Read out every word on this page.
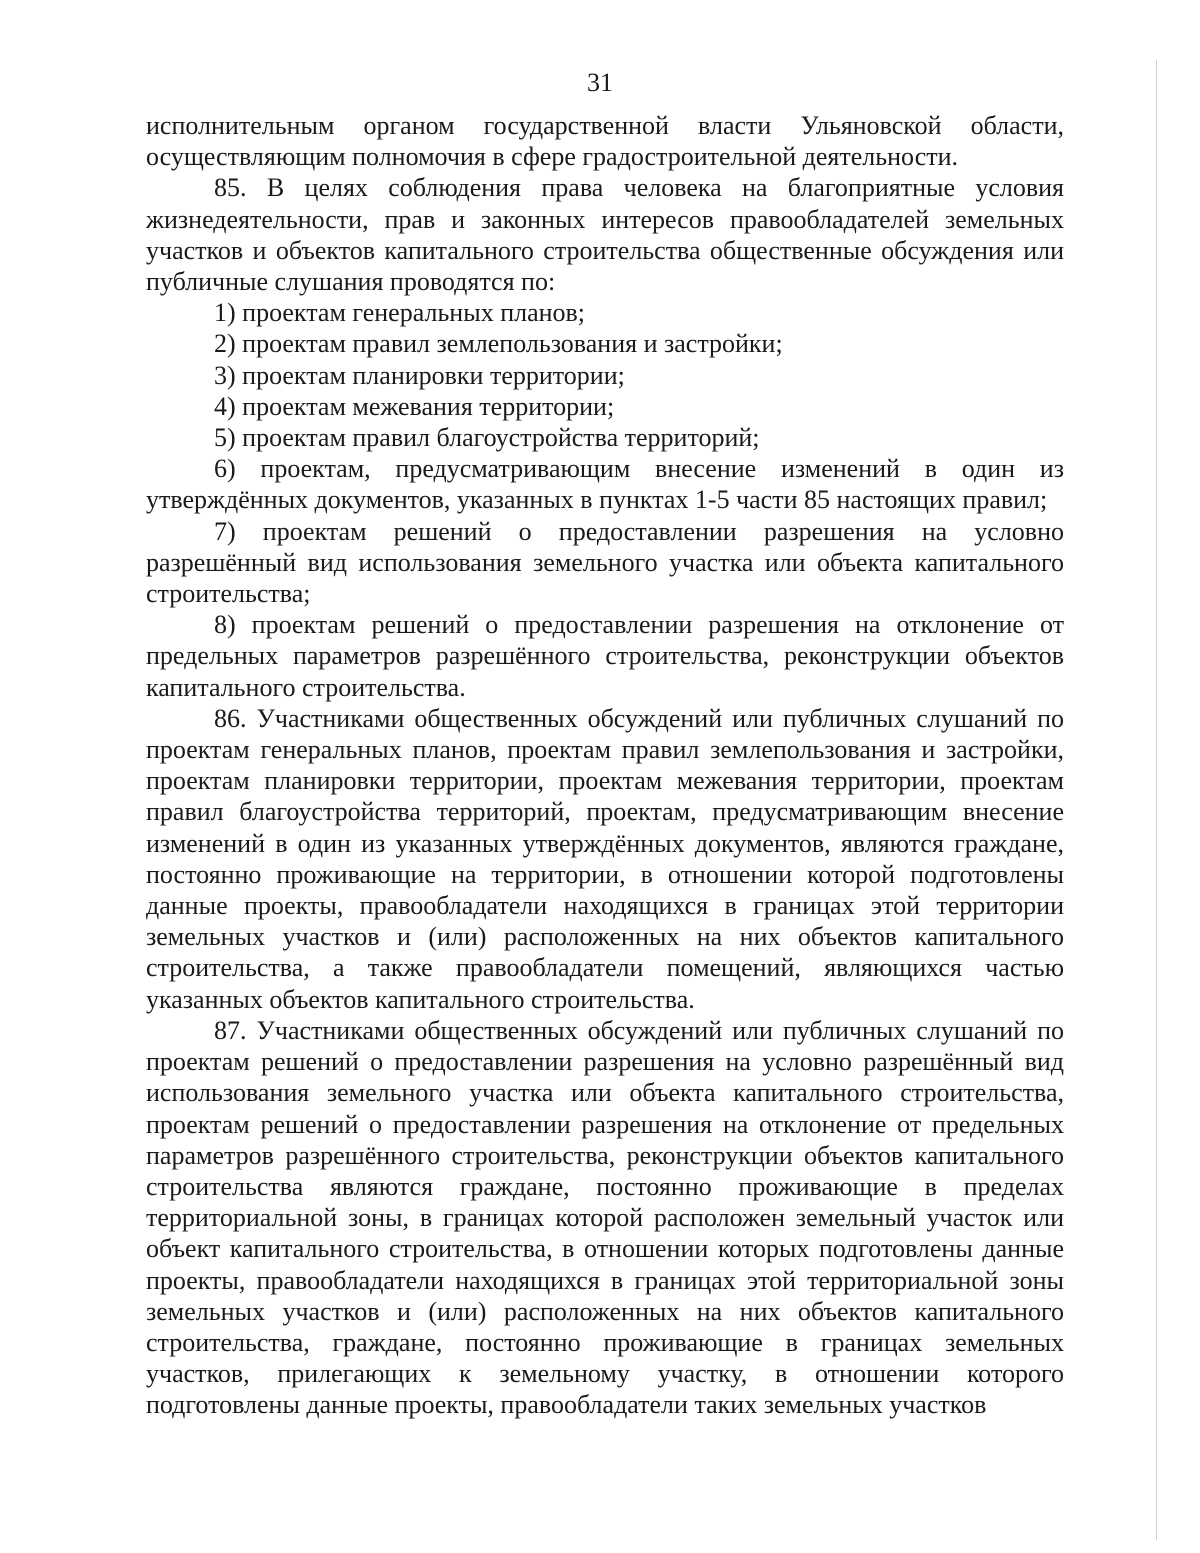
31

исполнительным органом государственной власти Ульяновской области, осуществляющим полномочия в сфере градостроительной деятельности.

85. В целях соблюдения права человека на благоприятные условия жизнедеятельности, прав и законных интересов правообладателей земельных участков и объектов капитального строительства общественные обсуждения или публичные слушания проводятся по:

1) проектам генеральных планов;

2) проектам правил землепользования и застройки;

3) проектам планировки территории;

4) проектам межевания территории;

5) проектам правил благоустройства территорий;

6) проектам, предусматривающим внесение изменений в один из утверждённых документов, указанных в пунктах 1-5 части 85 настоящих правил;

7) проектам решений о предоставлении разрешения на условно разрешённый вид использования земельного участка или объекта капитального строительства;

8) проектам решений о предоставлении разрешения на отклонение от предельных параметров разрешённого строительства, реконструкции объектов капитального строительства.

86. Участниками общественных обсуждений или публичных слушаний по проектам генеральных планов, проектам правил землепользования и застройки, проектам планировки территории, проектам межевания территории, проектам правил благоустройства территорий, проектам, предусматривающим внесение изменений в один из указанных утверждённых документов, являются граждане, постоянно проживающие на территории, в отношении которой подготовлены данные проекты, правообладатели находящихся в границах этой территории земельных участков и (или) расположенных на них объектов капитального строительства, а также правообладатели помещений, являющихся частью указанных объектов капитального строительства.

87. Участниками общественных обсуждений или публичных слушаний по проектам решений о предоставлении разрешения на условно разрешённый вид использования земельного участка или объекта капитального строительства, проектам решений о предоставлении разрешения на отклонение от предельных параметров разрешённого строительства, реконструкции объектов капитального строительства являются граждане, постоянно проживающие в пределах территориальной зоны, в границах которой расположен земельный участок или объект капитального строительства, в отношении которых подготовлены данные проекты, правообладатели находящихся в границах этой территориальной зоны земельных участков и (или) расположенных на них объектов капитального строительства, граждане, постоянно проживающие в границах земельных участков, прилегающих к земельному участку, в отношении которого подготовлены данные проекты, правообладатели таких земельных участков
